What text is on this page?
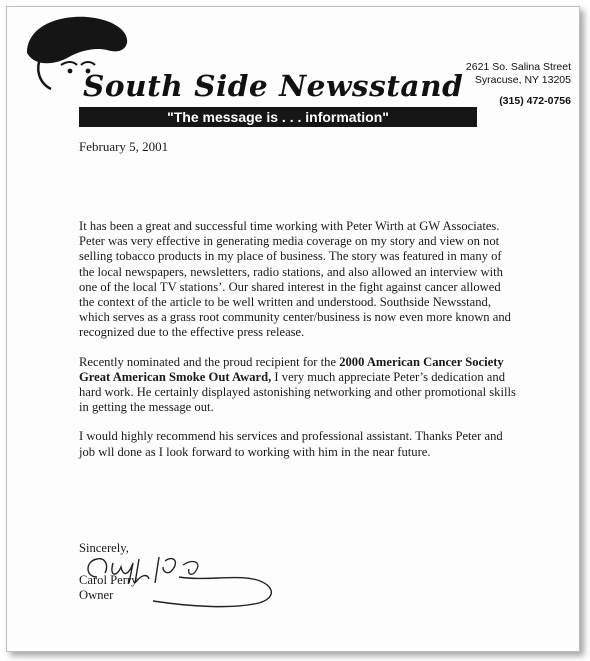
South Side Newsstand
2621 So. Salina Street
Syracuse, NY 13205
(315) 472-0756
"The message is . . . information"
February 5, 2001

It has been a great and successful time working with Peter Wirth at GW Associates. Peter was very effective in generating media coverage on my story and view on not selling tobacco products in my place of business. The story was featured in many of the local newspapers, newsletters, radio stations, and also allowed an interview with one of the local TV stations’. Our shared interest in the fight against cancer allowed the context of the article to be well written and understood. Southside Newsstand, which serves as a grass root community center/business is now even more known and recognized due to the effective press release.

Recently nominated and the proud recipient for the 2000 American Cancer Society Great American Smoke Out Award, I very much appreciate Peter’s dedication and hard work. He certainly displayed astonishing networking and other promotional skills in getting the message out.

I would highly recommend his services and professional assistant. Thanks Peter and job wll done as I look forward to working with him in the near future.

Sincerely,
Carol Perry
Owner
